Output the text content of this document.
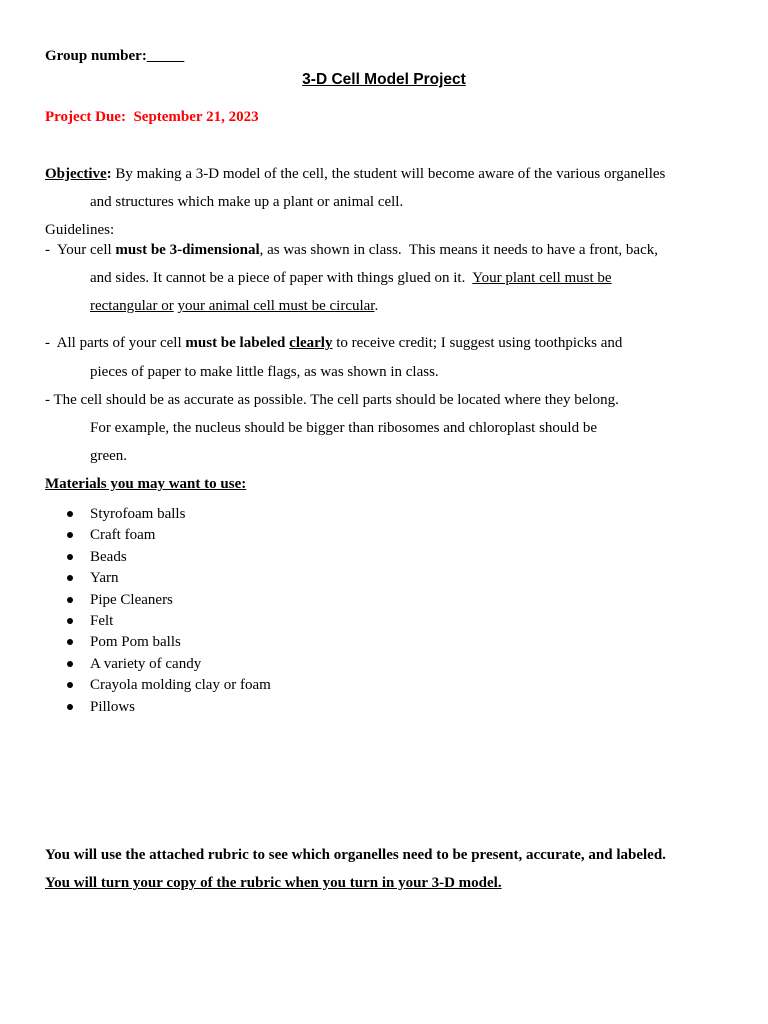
Group number:
3-D Cell Model Project
Project Due: September 21, 2023
Objective: By making a 3-D model of the cell, the student will become aware of the various organelles
and structures which make up a plant or animal cell.
Guidelines:
-  Your cell must be 3-dimensional, as was shown in class.  This means it needs to have a front, back,
and sides. It cannot be a piece of paper with things glued on it.  Your plant cell must be
rectangular or your animal cell must be circular.
-  All parts of your cell must be labeled clearly to receive credit; I suggest using toothpicks and
pieces of paper to make little flags, as was shown in class.
- The cell should be as accurate as possible. The cell parts should be located where they belong.
For example, the nucleus should be bigger than ribosomes and chloroplast should be
green.
Materials you may want to use:
Styrofoam balls
Craft foam
Beads
Yarn
Pipe Cleaners
Felt
Pom Pom balls
A variety of candy
Crayola molding clay or foam
Pillows
You will use the attached rubric to see which organelles need to be present, accurate, and labeled.
You will turn your copy of the rubric when you turn in your 3-D model.
